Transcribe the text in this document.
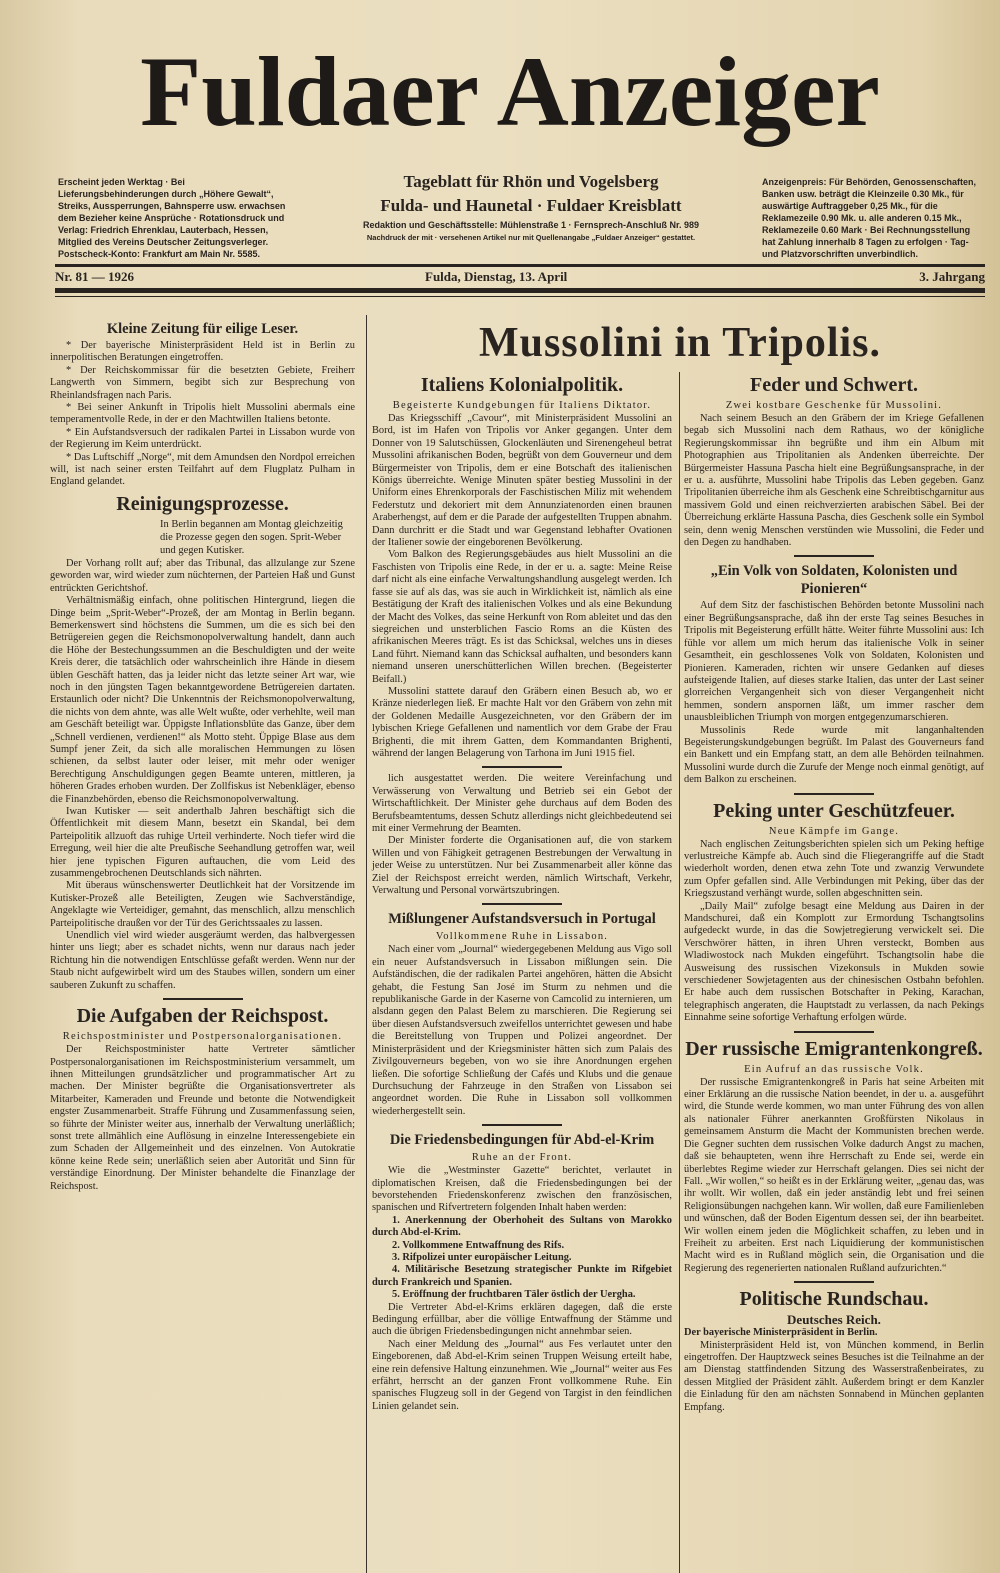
Fuldaer Anzeiger
Erscheint jeden Werktag · Bei Lieferungsbehinderungen durch „Höhere Gewalt“, Streiks, Aussperrungen, Bahnsperre usw. erwachsen dem Bezieher keine Ansprüche · Rotationsdruck und Verlag: Friedrich Ehrenklau, Lauterbach, Hessen, Mitglied des Vereins Deutscher Zeitungsverleger. Postscheck-Konto: Frankfurt am Main Nr. 5585.
Tageblatt für Rhön und Vogelsberg
Fulda- und Haunetal · Fuldaer Kreisblatt
Redaktion und Geschäftsstelle: Mühlenstraße 1 · Fernsprech-Anschluß Nr. 989
Nachdruck der mit · versehenen Artikel nur mit Quellenangabe „Fuldaer Anzeiger“ gestattet.
Anzeigenpreis: Für Behörden, Genossenschaften, Banken usw. beträgt die Kleinzeile 0.30 Mk., für auswärtige Auftraggeber 0,25 Mk., für die Reklamezeile 0.90 Mk. u. alle anderen 0.15 Mk., Reklamezeile 0.60 Mark · Bei Rechnungsstellung hat Zahlung innerhalb 8 Tagen zu erfolgen · Tag- und Platzvorschriften unverbindlich.
Nr. 81 — 1926	Fulda, Dienstag, 13. April	3. Jahrgang
Mussolini in Tripolis.
Kleine Zeitung für eilige Leser.

* Der bayerische Ministerpräsident Held ist in Berlin zu innerpolitischen Beratungen eingetroffen.

* Der Reichskommissar für die besetzten Gebiete, Freiherr Langwerth von Simmern, begibt sich zur Besprechung von Rheinlandsfragen nach Paris.

* Bei seiner Ankunft in Tripolis hielt Mussolini abermals eine temperamentvolle Rede, in der er den Machtwillen Italiens betonte.

* Ein Aufstandsversuch der radikalen Partei in Lissabon wurde von der Regierung im Keim unterdrückt.

* Das Luftschiff „Norge“, mit dem Amundsen den Nordpol erreichen will, ist nach seiner ersten Teilfahrt auf dem Flugplatz Pulham in England gelandet.

Reinigungsprozesse.
In Berlin begannen am Montag gleichzeitig die Prozesse gegen den sogen. Sprit-Weber und gegen Kutisker.

Der Vorhang rollt auf; aber das Tribunal, das allzulange zur Szene geworden war, wird wieder zum nüchternen, der Parteien Haß und Gunst entrückten Gerichtshof.

Verhältnismäßig einfach, ohne politischen Hintergrund, liegen die Dinge beim „Sprit-Weber“-Prozeß, der am Montag in Berlin begann. Bemerkenswert sind höchstens die Summen, um die es sich bei den Betrügereien gegen die Reichsmonopolverwaltung handelt, dann auch die Höhe der Bestechungssummen an die Beschuldigten und der weite Kreis derer, die tatsächlich oder wahrscheinlich ihre Hände in diesem üblen Geschäft hatten, das ja leider nicht das letzte seiner Art war, wie noch in den jüngsten Tagen bekanntgewordene Betrügereien dartaten. Erstaunlich oder nicht? Die Unkenntnis der Reichsmonopolverwaltung, die nichts von dem ahnte, was alle Welt wußte, oder verhehlte, weil man am Geschäft beteiligt war. Üppigste Inflationsblüte das Ganze, über dem „Schnell verdienen, verdienen!“ als Motto steht. Üppige Blase aus dem Sumpf jener Zeit, da sich alle moralischen Hemmungen zu lösen schienen, da selbst lauter oder leiser, mit mehr oder weniger Berechtigung Anschuldigungen gegen Beamte unteren, mittleren, ja höheren Grades erhoben wurden. Der Zollfiskus ist Nebenkläger, ebenso die Finanzbehörden, ebenso die Reichsmonopolverwaltung.

Iwan Kutisker — seit anderthalb Jahren beschäftigt sich die Öffentlichkeit mit diesem Mann, besetzt ein Skandal, bei dem Parteipolitik allzuoft das ruhige Urteil verhinderte. Noch tiefer wird die Erregung, weil hier die alte Preußische Seehandlung getroffen war, weil hier jene typischen Figuren auftauchen, die vom Leid des zusammengebrochenen Deutschlands sich nährten.

Mit überaus wünschenswerter Deutlichkeit hat der Vorsitzende im Kutisker-Prozeß alle Beteiligten, Zeugen wie Sachverständige, Angeklagte wie Verteidiger, gemahnt, das menschlich, allzu menschlich Parteipolitische draußen vor der Tür des Gerichtssaales zu lassen.

Unendlich viel wird wieder ausgeräumt werden, das halbvergessen hinter uns liegt; aber es schadet nichts, wenn nur daraus nach jeder Richtung hin die notwendigen Entschlüsse gefaßt werden. Wenn nur der Staub nicht aufgewirbelt wird um des Staubes willen, sondern um einer sauberen Zukunft zu schaffen.

Die Aufgaben der Reichspost.
Reichspostminister und Postpersonalorganisationen.

Der Reichspostminister hatte Vertreter sämtlicher Postpersonalorganisationen im Reichspostministerium versammelt, um ihnen Mitteilungen grundsätzlicher und programmatischer Art zu machen. Der Minister begrüßte die Organisationsvertreter als Mitarbeiter, Kameraden und Freunde und betonte die Notwendigkeit engster Zusammenarbeit. Straffe Führung und Zusammenfassung seien, so führte der Minister weiter aus, innerhalb der Verwaltung unerläßlich; sonst trete allmählich eine Auflösung in einzelne Interessengebiete ein zum Schaden der Allgemeinheit und des einzelnen. Von Autokratie könne keine Rede sein; unerläßlich seien aber Autorität und Sinn für verständige Einordnung. Der Minister behandelte die Finanzlage der Reichspost.

Italiens Kolonialpolitik.
Begeisterte Kundgebungen für Italiens Diktator.

Das Kriegsschiff „Cavour“, mit Ministerpräsident Mussolini an Bord, ist im Hafen von Tripolis vor Anker gegangen. Unter dem Donner von 19 Salutschüssen, Glockenläuten und Sirenengeheul betrat Mussolini afrikanischen Boden, begrüßt von dem Gouverneur und dem Bürgermeister von Tripolis, dem er eine Botschaft des italienischen Königs überreichte. Wenige Minuten später bestieg Mussolini in der Uniform eines Ehrenkorporals der Faschistischen Miliz mit wehendem Federstutz und dekoriert mit dem Annunziatenorden einen braunen Araberhengst, auf dem er die Parade der aufgestellten Truppen abnahm. Dann durchritt er die Stadt und war Gegenstand lebhafter Ovationen der Italiener sowie der eingeborenen Bevölkerung.

Vom Balkon des Regierungsgebäudes aus hielt Mussolini an die Faschisten von Tripolis eine Rede, in der er u. a. sagte: Meine Reise darf nicht als eine einfache Verwaltungshandlung ausgelegt werden. Ich fasse sie auf als das, was sie auch in Wirklichkeit ist, nämlich als eine Bestätigung der Kraft des italienischen Volkes und als eine Bekundung der Macht des Volkes, das seine Herkunft von Rom ableitet und das den siegreichen und unsterblichen Fascio Roms an die Küsten des afrikanischen Meeres trägt. Es ist das Schicksal, welches uns in dieses Land führt. Niemand kann das Schicksal aufhalten, und besonders kann niemand unseren unerschütterlichen Willen brechen. (Begeisterter Beifall.)

Mussolini stattete darauf den Gräbern einen Besuch ab, wo er Kränze niederlegen ließ. Er machte Halt vor den Gräbern von zehn mit der Goldenen Medaille Ausgezeichneten, vor den Gräbern der im lybischen Kriege Gefallenen und namentlich vor dem Grabe der Frau Brighenti, die mit ihrem Gatten, dem Kommandanten Brighenti, während der langen Belagerung von Tarhona im Juni 1915 fiel.

lich ausgestattet werden. Die weitere Vereinfachung und Verwässerung von Verwaltung und Betrieb sei ein Gebot der Wirtschaftlichkeit. Der Minister gehe durchaus auf dem Boden des Berufsbeamtentums, dessen Schutz allerdings nicht gleichbedeutend sei mit einer Vermehrung der Beamten.

Der Minister forderte die Organisationen auf, die von starkem Willen und von Fähigkeit getragenen Bestrebungen der Verwaltung in jeder Weise zu unterstützen. Nur bei Zusammenarbeit aller könne das Ziel der Reichspost erreicht werden, nämlich Wirtschaft, Verkehr, Verwaltung und Personal vorwärtszubringen.

Mißlungener Aufstandsversuch in Portugal
Vollkommene Ruhe in Lissabon.

Nach einer vom „Journal“ wiedergegebenen Meldung aus Vigo soll ein neuer Aufstandsversuch in Lissabon mißlungen sein. Die Aufständischen, die der radikalen Partei angehören, hätten die Absicht gehabt, die Festung San José im Sturm zu nehmen und die republikanische Garde in der Kaserne von Camcolid zu internieren, um alsdann gegen den Palast Belem zu marschieren. Die Regierung sei über diesen Aufstandsversuch zweifellos unterrichtet gewesen und habe die Bereitstellung von Truppen und Polizei angeordnet. Der Ministerpräsident und der Kriegsminister hätten sich zum Palais des Zivilgouverneurs begeben, von wo sie ihre Anordnungen ergehen ließen. Die sofortige Schließung der Cafés und Klubs und die genaue Durchsuchung der Fahrzeuge in den Straßen von Lissabon sei angeordnet worden. Die Ruhe in Lissabon soll vollkommen wiederhergestellt sein.

Die Friedensbedingungen für Abd-el-Krim
Ruhe an der Front.

Wie die „Westminster Gazette“ berichtet, verlautet in diplomatischen Kreisen, daß die Friedensbedingungen bei der bevorstehenden Friedenskonferenz zwischen den französischen, spanischen und Rifvertretern folgenden Inhalt haben werden:

1. Anerkennung der Oberhoheit des Sultans von Marokko durch Abd-el-Krim.

2. Vollkommene Entwaffnung des Rifs.

3. Rifpolizei unter europäischer Leitung.

4. Militärische Besetzung strategischer Punkte im Rifgebiet durch Frankreich und Spanien.

5. Eröffnung der fruchtbaren Täler östlich der Uergha.

Die Vertreter Abd-el-Krims erklären dagegen, daß die erste Bedingung erfüllbar, aber die völlige Entwaffnung der Stämme und auch die übrigen Friedensbedingungen nicht annehmbar seien.

Nach einer Meldung des „Journal“ aus Fes verlautet unter den Eingeborenen, daß Abd-el-Krim seinen Truppen Weisung erteilt habe, eine rein defensive Haltung einzunehmen. Wie „Journal“ weiter aus Fes erfährt, herrscht an der ganzen Front vollkommene Ruhe. Ein spanisches Flugzeug soll in der Gegend von Targist in den feindlichen Linien gelandet sein.

Feder und Schwert.
Zwei kostbare Geschenke für Mussolini.

Nach seinem Besuch an den Gräbern der im Kriege Gefallenen begab sich Mussolini nach dem Rathaus, wo der königliche Regierungskommissar ihn begrüßte und ihm ein Album mit Photographien aus Tripolitanien als Andenken überreichte. Der Bürgermeister Hassuna Pascha hielt eine Begrüßungsansprache, in der er u. a. ausführte, Mussolini habe Tripolis das Leben gegeben. Ganz Tripolitanien überreiche ihm als Geschenk eine Schreibtischgarnitur aus massivem Gold und einen reichverzierten arabischen Säbel. Bei der Überreichung erklärte Hassuna Pascha, dies Geschenk solle ein Symbol sein, denn wenig Menschen verstünden wie Mussolini, die Feder und den Degen zu handhaben.

„Ein Volk von Soldaten, Kolonisten und Pionieren“

Auf dem Sitz der faschistischen Behörden betonte Mussolini nach einer Begrüßungsansprache, daß ihn der erste Tag seines Besuches in Tripolis mit Begeisterung erfüllt hätte. Weiter führte Mussolini aus: Ich fühle vor allem um mich herum das italienische Volk in seiner Gesamtheit, ein geschlossenes Volk von Soldaten, Kolonisten und Pionieren. Kameraden, richten wir unsere Gedanken auf dieses aufsteigende Italien, auf dieses starke Italien, das unter der Last seiner glorreichen Vergangenheit sich von dieser Vergangenheit nicht hemmen, sondern anspornen läßt, um immer rascher dem unausbleiblichen Triumph von morgen entgegenzumarschieren.

Mussolinis Rede wurde mit langanhaltenden Begeisterungskundgebungen begrüßt. Im Palast des Gouverneurs fand ein Bankett und ein Empfang statt, an dem alle Behörden teilnahmen. Mussolini wurde durch die Zurufe der Menge noch einmal genötigt, auf dem Balkon zu erscheinen.

Peking unter Geschützfeuer.
Neue Kämpfe im Gange.

Nach englischen Zeitungsberichten spielen sich um Peking heftige verlustreiche Kämpfe ab. Auch sind die Fliegerangriffe auf die Stadt wiederholt worden, denen etwa zehn Tote und zwanzig Verwundete zum Opfer gefallen sind. Alle Verbindungen mit Peking, über das der Kriegszustand verhängt wurde, sollen abgeschnitten sein.

„Daily Mail“ zufolge besagt eine Meldung aus Dairen in der Mandschurei, daß ein Komplott zur Ermordung Tschangtsolins aufgedeckt wurde, in das die Sowjetregierung verwickelt sei. Die Verschwörer hätten, in ihren Uhren versteckt, Bomben aus Wladiwostock nach Mukden eingeführt. Tschangtsolin habe die Ausweisung des russischen Vizekonsuls in Mukden sowie verschiedener Sowjetagenten aus der chinesischen Ostbahn befohlen. Er habe auch dem russischen Botschafter in Peking, Karachan, telegraphisch angeraten, die Hauptstadt zu verlassen, da nach Pekings Einnahme seine sofortige Verhaftung erfolgen würde.

Der russische Emigrantenkongreß.
Ein Aufruf an das russische Volk.

Der russische Emigrantenkongreß in Paris hat seine Arbeiten mit einer Erklärung an die russische Nation beendet, in der u. a. ausgeführt wird, die Stunde werde kommen, wo man unter Führung des von allen als nationaler Führer anerkannten Großfürsten Nikolaus in gemeinsamem Ansturm die Macht der Kommunisten brechen werde. Die Gegner suchten dem russischen Volke dadurch Angst zu machen, daß sie behaupteten, wenn ihre Herrschaft zu Ende sei, werde ein überlebtes Regime wieder zur Herrschaft gelangen. Dies sei nicht der Fall. „Wir wollen,“ so heißt es in der Erklärung weiter, „genau das, was ihr wollt. Wir wollen, daß ein jeder anständig lebt und frei seinen Religionsübungen nachgehen kann. Wir wollen, daß eure Familienleben und wünschen, daß der Boden Eigentum dessen sei, der ihn bearbeitet. Wir wollen einem jeden die Möglichkeit schaffen, zu leben und in Freiheit zu arbeiten. Erst nach Liquidierung der kommunistischen Macht wird es in Rußland möglich sein, die Organisation und die Regierung des regenerierten nationalen Rußland aufzurichten.“

Politische Rundschau.
Deutsches Reich.

Der bayerische Ministerpräsident in Berlin.

Ministerpräsident Held ist, von München kommend, in Berlin eingetroffen. Der Hauptzweck seines Besuches ist die Teilnahme an der am Dienstag stattfindenden Sitzung des Wasserstraßenbeirates, zu dessen Mitglied der Präsident zählt. Außerdem bringt er dem Kanzler die Einladung für den am nächsten Sonnabend in München geplanten Empfang.
